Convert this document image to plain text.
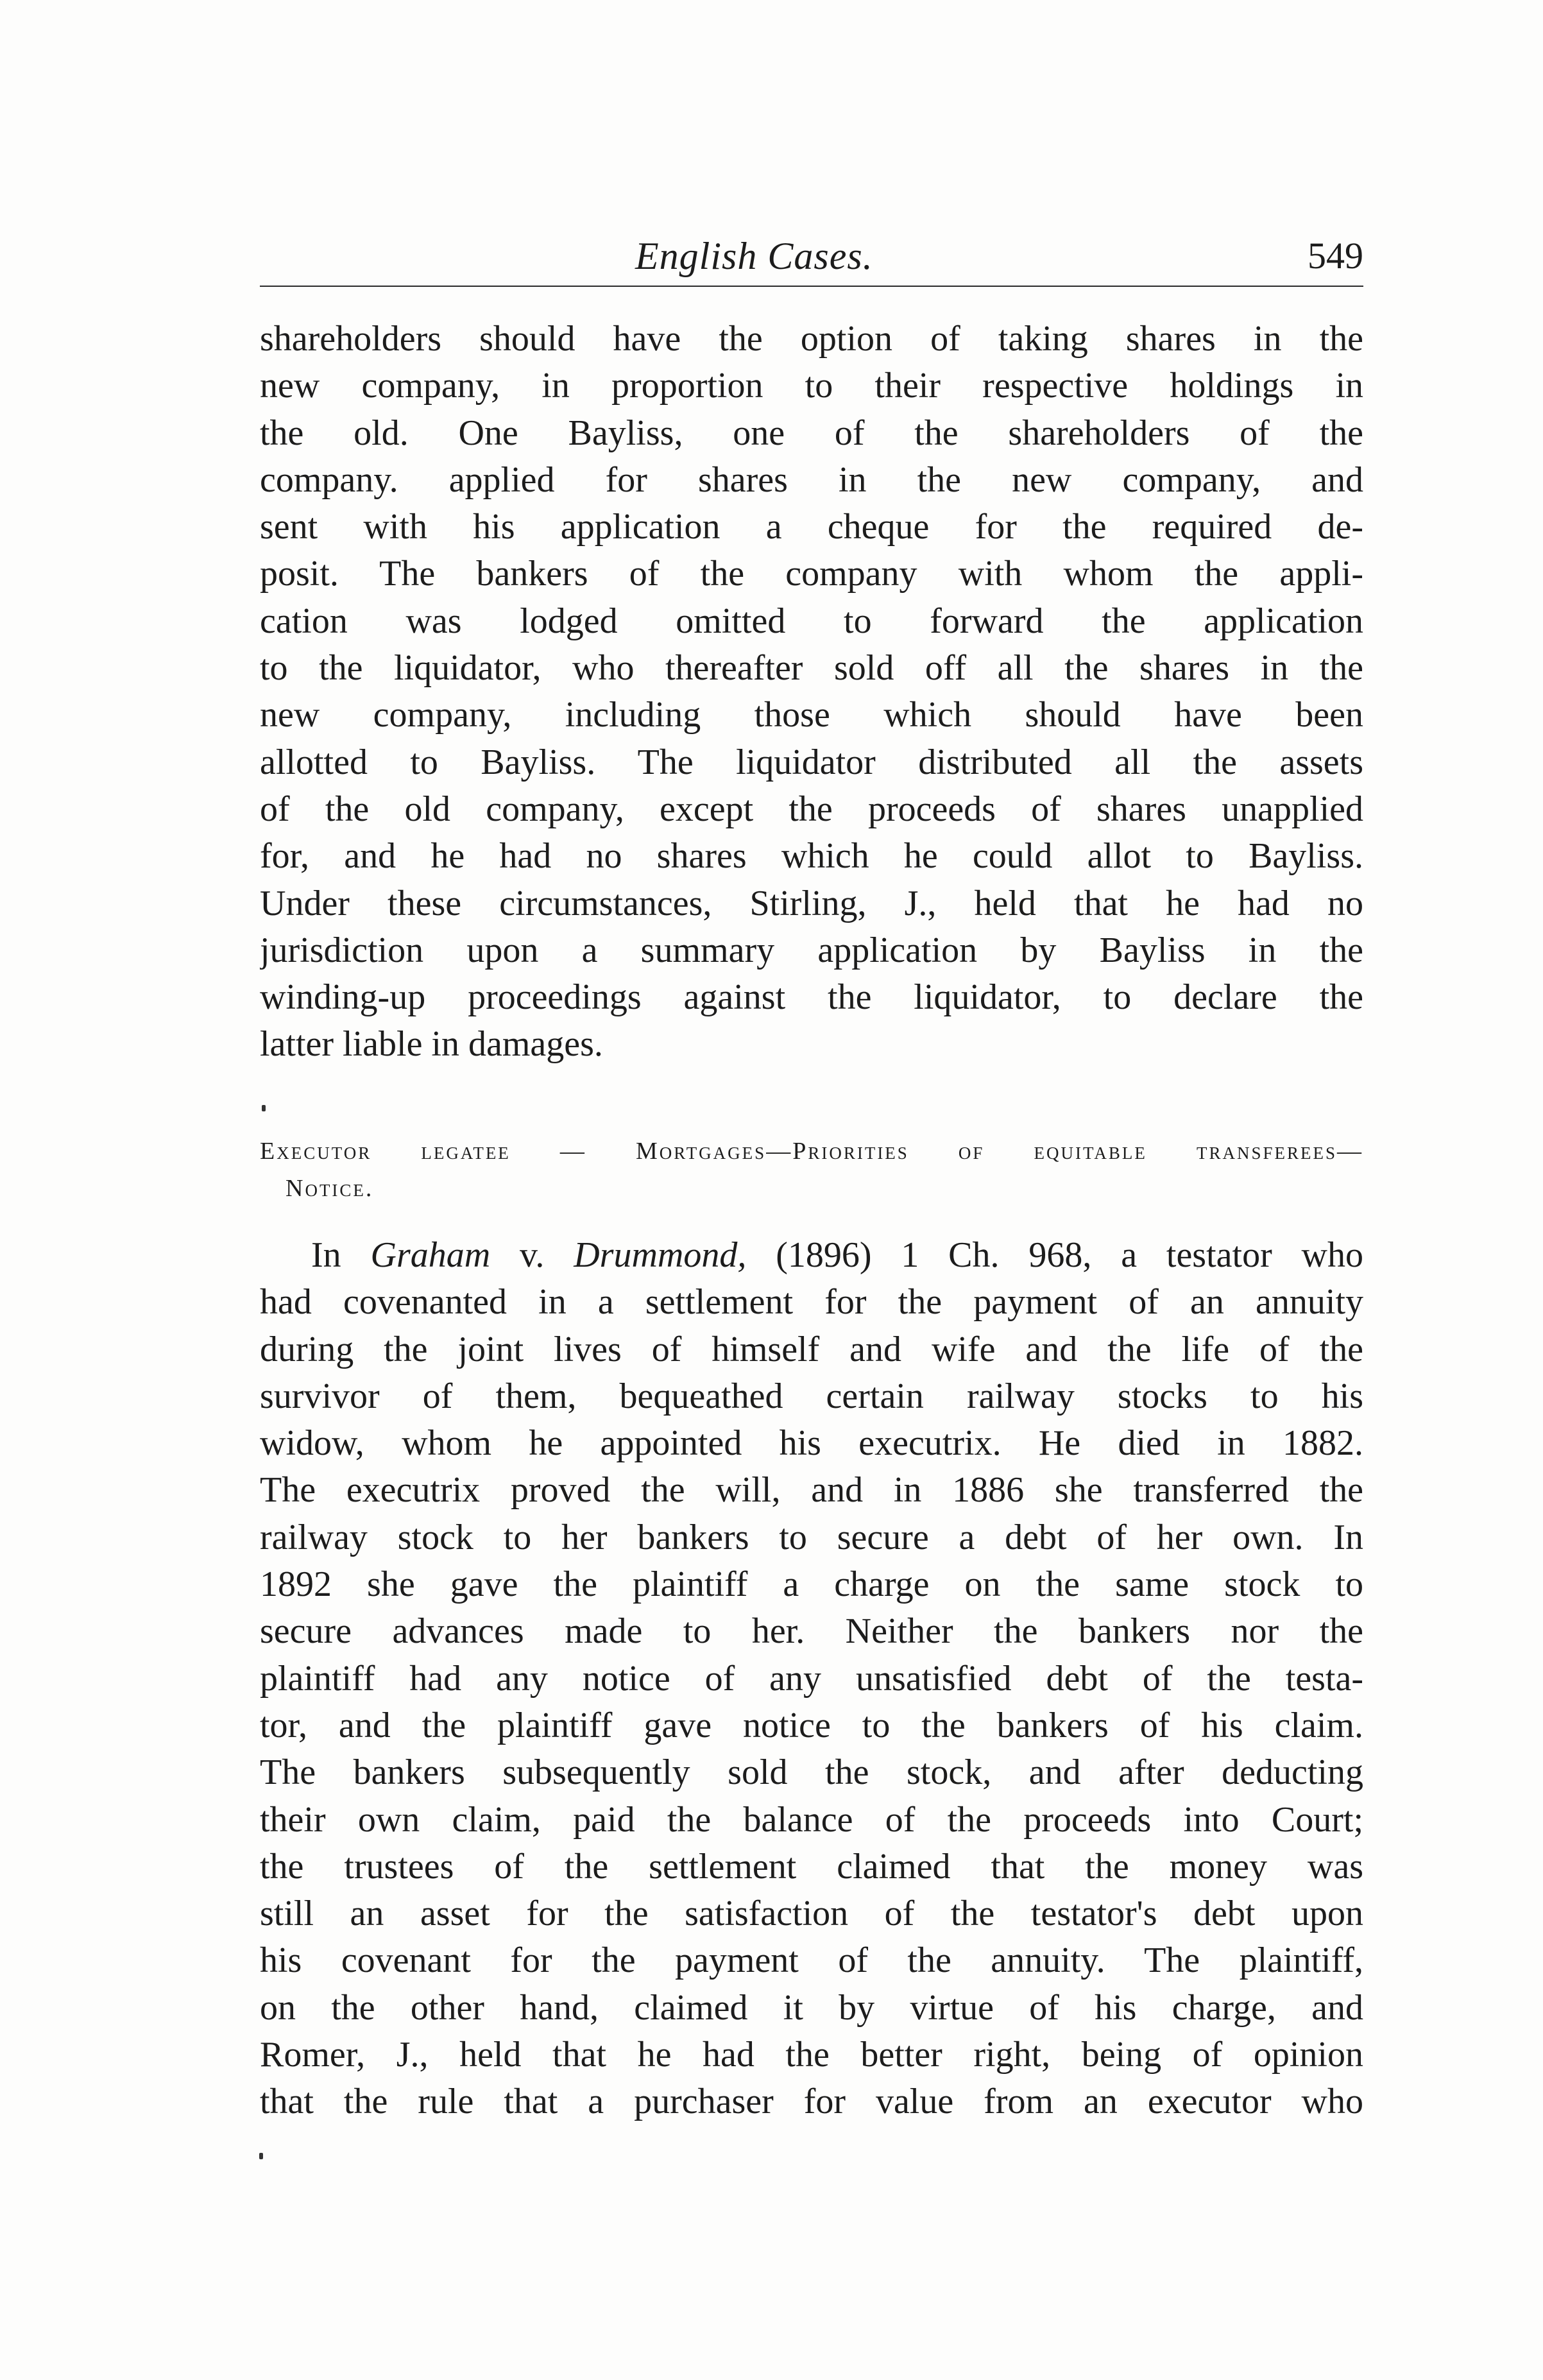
English Cases.	549
shareholders should have the option of taking shares in the
new company, in proportion to their respective holdings in
the old. One Bayliss, one of the shareholders of the
company. applied for shares in the new company, and
sent with his application a cheque for the required de-
posit. The bankers of the company with whom the appli-
cation was lodged omitted to forward the application
to the liquidator, who thereafter sold off all the shares in the
new company, including those which should have been
allotted to Bayliss. The liquidator distributed all the assets
of the old company, except the proceeds of shares unapplied
for, and he had no shares which he could allot to Bayliss.
Under these circumstances, Stirling, J., held that he had no
jurisdiction upon a summary application by Bayliss in the
winding-up proceedings against the liquidator, to declare the
latter liable in damages.
Executor legatee — Mortgages—Priorities of equitable transferees—
Notice.
In Graham v. Drummond, (1896) 1 Ch. 968, a testator who
had covenanted in a settlement for the payment of an annuity
during the joint lives of himself and wife and the life of the
survivor of them, bequeathed certain railway stocks to his
widow, whom he appointed his executrix. He died in 1882.
The executrix proved the will, and in 1886 she transferred the
railway stock to her bankers to secure a debt of her own. In
1892 she gave the plaintiff a charge on the same stock to
secure advances made to her. Neither the bankers nor the
plaintiff had any notice of any unsatisfied debt of the testa-
tor, and the plaintiff gave notice to the bankers of his claim.
The bankers subsequently sold the stock, and after deducting
their own claim, paid the balance of the proceeds into Court;
the trustees of the settlement claimed that the money was
still an asset for the satisfaction of the testator's debt upon
his covenant for the payment of the annuity. The plaintiff,
on the other hand, claimed it by virtue of his charge, and
Romer, J., held that he had the better right, being of opinion
that the rule that a purchaser for value from an executor who
